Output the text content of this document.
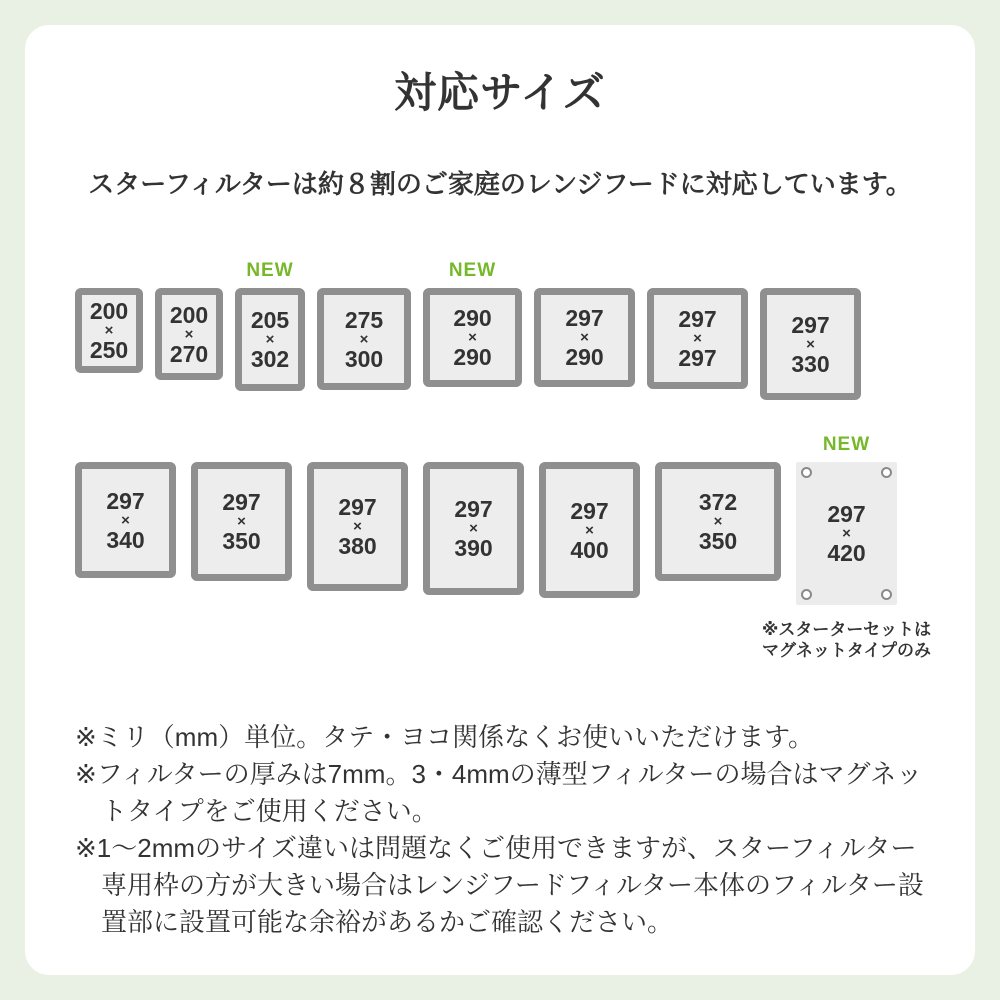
対応サイズ

スターフィルターは約８割のご家庭のレンジフードに対応しています。

200
×
250
200
×
270
NEW
205
×
302
275
×
300
NEW
290
×
290
297
×
290
297
×
297
297
×
330
297
×
340
297
×
350
297
×
380
297
×
390
297
×
400
372
×
350
NEW
297
×
420
※スターターセットは
マグネットタイプのみ

※ミリ（mm）単位。タテ・ヨコ関係なくお使いいただけます。

※フィルターの厚みは7mm。3・4mmの薄型フィルターの場合はマグネットタイプをご使用ください。

※1〜2mmのサイズ違いは問題なくご使用できますが、スターフィルター専用枠の方が大きい場合はレンジフードフィルター本体のフィルター設置部に設置可能な余裕があるかご確認ください。
